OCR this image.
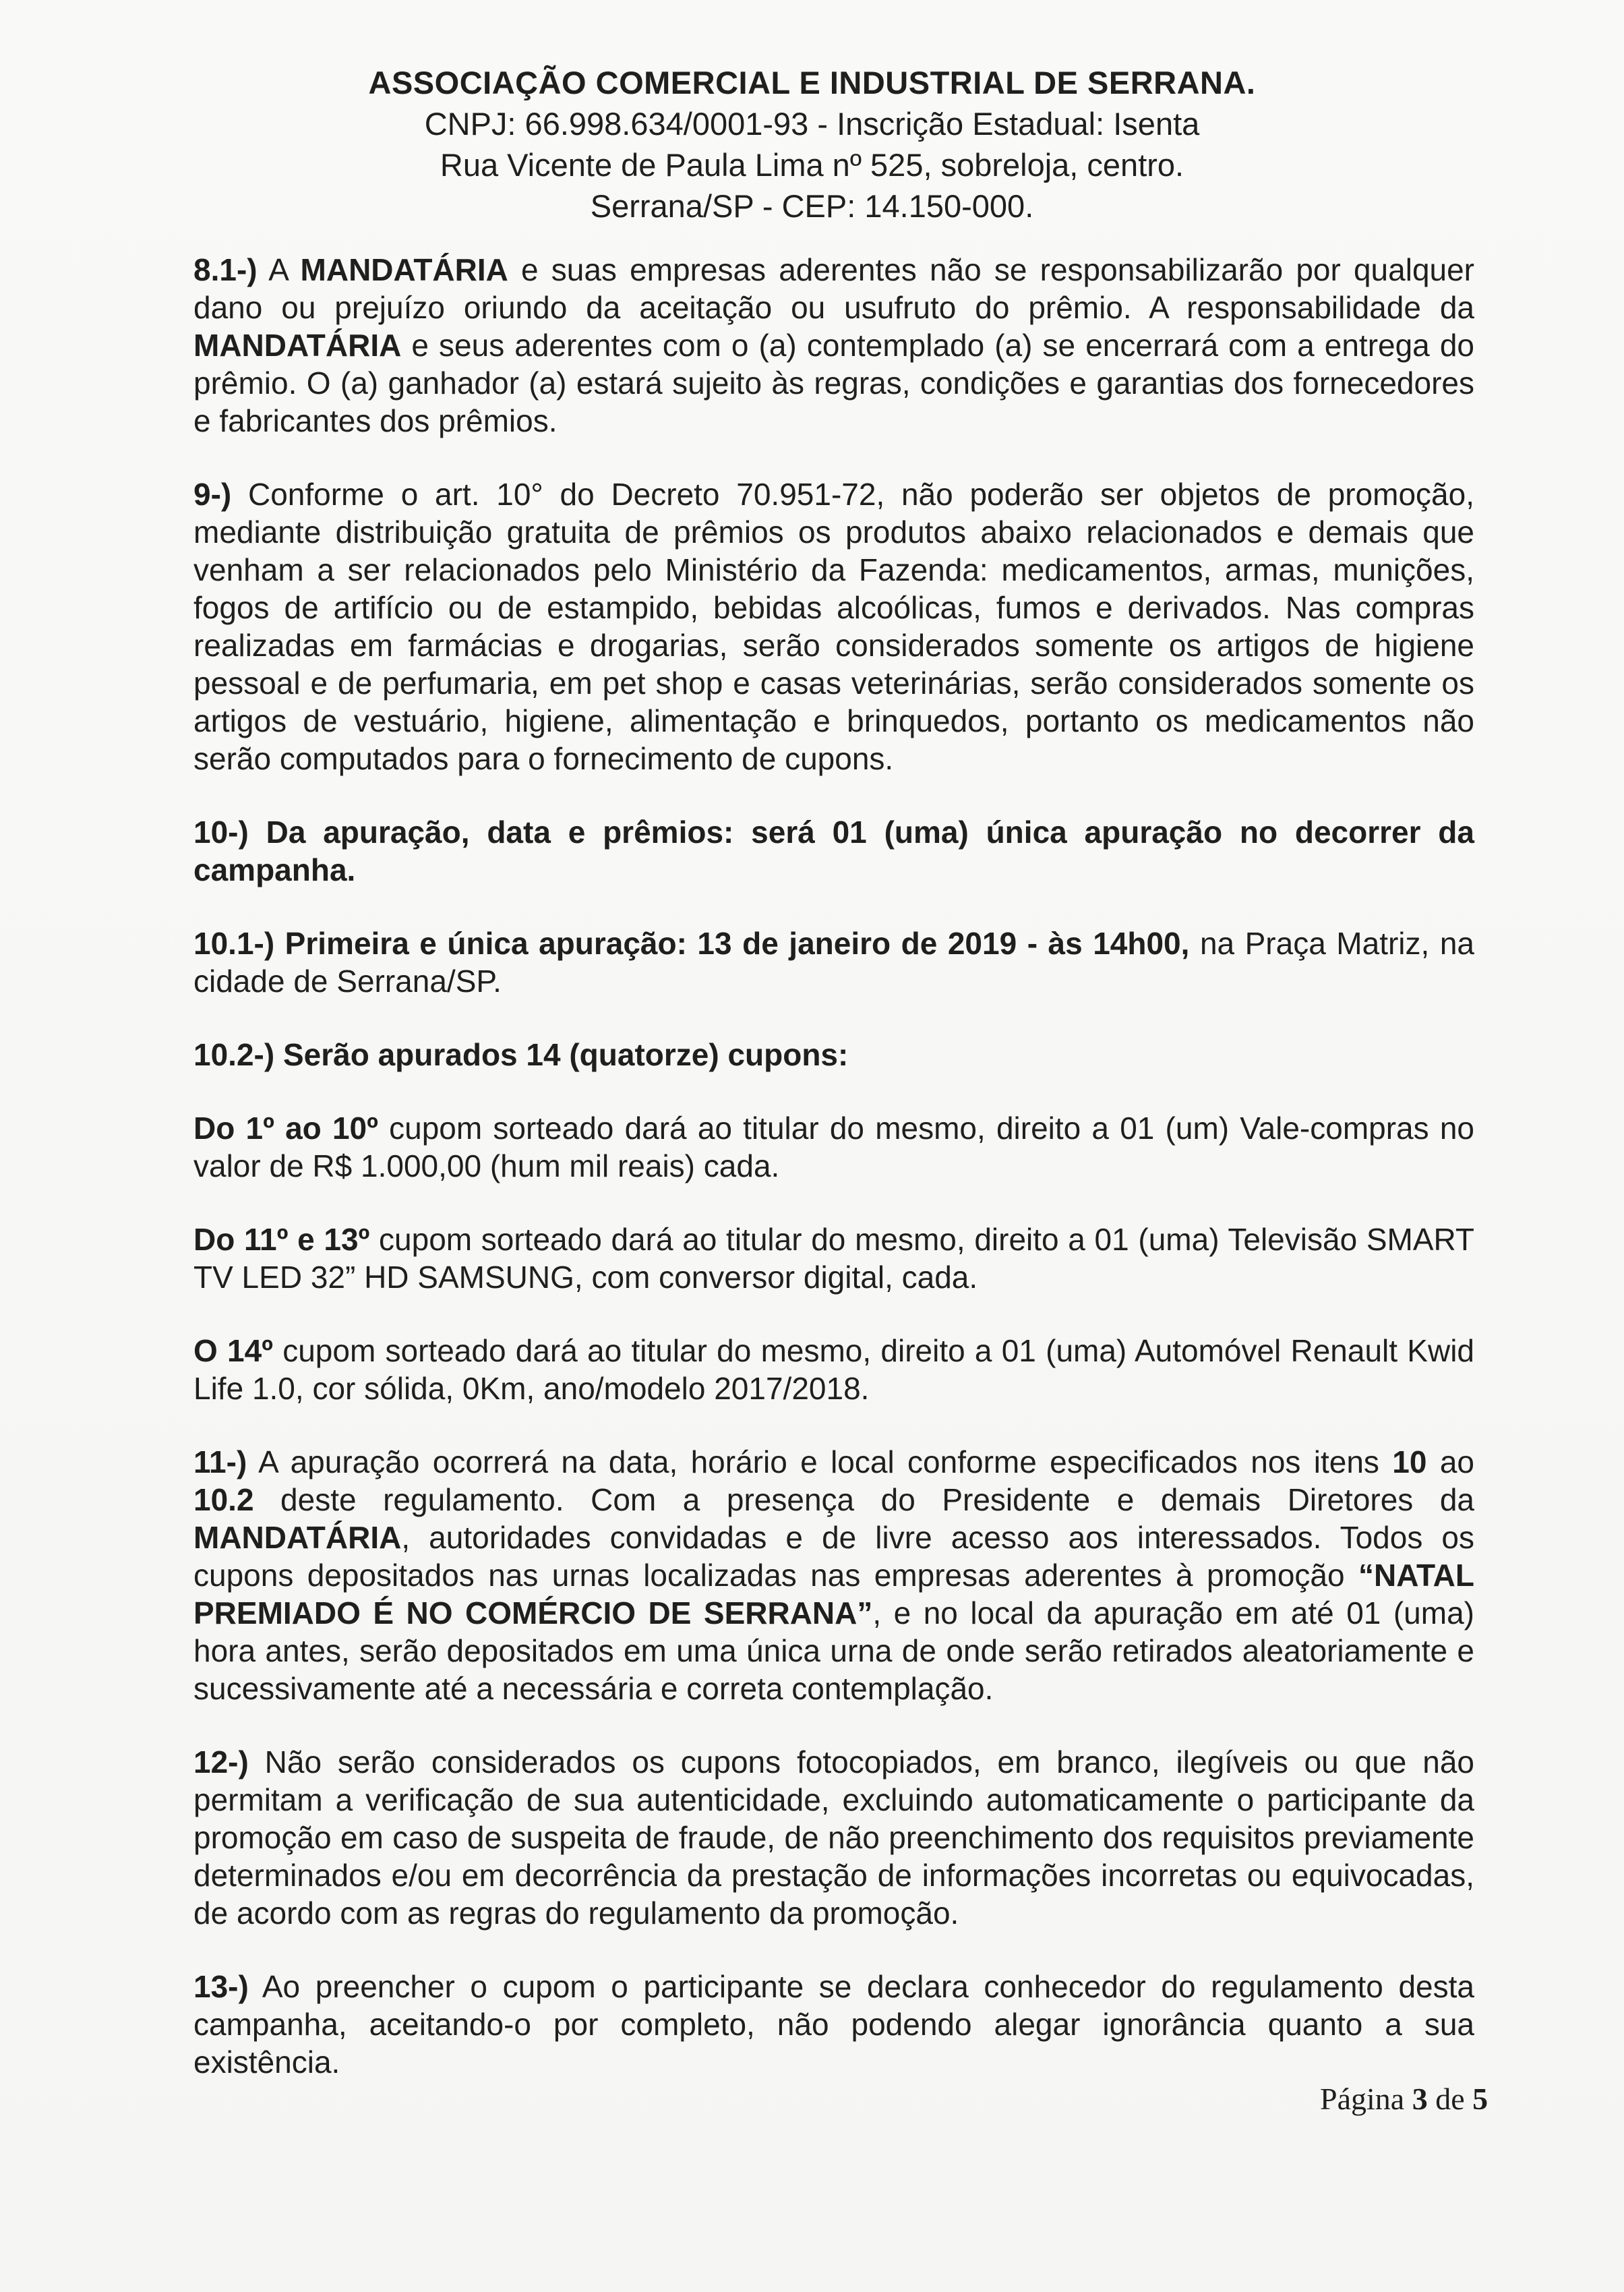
ASSOCIAÇÃO COMERCIAL E INDUSTRIAL DE SERRANA.
CNPJ: 66.998.634/0001-93 - Inscrição Estadual: Isenta
Rua Vicente de Paula Lima nº 525, sobreloja, centro.
Serrana/SP - CEP: 14.150-000.

8.1-) A MANDATÁRIA e suas empresas aderentes não se responsabilizarão por qualquer dano ou prejuízo oriundo da aceitação ou usufruto do prêmio. A responsabilidade da MANDATÁRIA e seus aderentes com o (a) contemplado (a) se encerrará com a entrega do prêmio. O (a) ganhador (a) estará sujeito às regras, condições e garantias dos fornecedores e fabricantes dos prêmios.

9-) Conforme o art. 10° do Decreto 70.951-72, não poderão ser objetos de promoção, mediante distribuição gratuita de prêmios os produtos abaixo relacionados e demais que venham a ser relacionados pelo Ministério da Fazenda: medicamentos, armas, munições, fogos de artifício ou de estampido, bebidas alcoólicas, fumos e derivados. Nas compras realizadas em farmácias e drogarias, serão considerados somente os artigos de higiene pessoal e de perfumaria, em pet shop e casas veterinárias, serão considerados somente os artigos de vestuário, higiene, alimentação e brinquedos, portanto os medicamentos não serão computados para o fornecimento de cupons.

10-) Da apuração, data e prêmios: será 01 (uma) única apuração no decorrer da campanha.

10.1-) Primeira e única apuração: 13 de janeiro de 2019 - às 14h00, na Praça Matriz, na cidade de Serrana/SP.

10.2-) Serão apurados 14 (quatorze) cupons:

Do 1º ao 10º cupom sorteado dará ao titular do mesmo, direito a 01 (um) Vale-compras no valor de R$ 1.000,00 (hum mil reais) cada.

Do 11º e 13º cupom sorteado dará ao titular do mesmo, direito a 01 (uma) Televisão SMART TV LED 32” HD SAMSUNG, com conversor digital, cada.

O 14º cupom sorteado dará ao titular do mesmo, direito a 01 (uma) Automóvel Renault Kwid Life 1.0, cor sólida, 0Km, ano/modelo 2017/2018.

11-) A apuração ocorrerá na data, horário e local conforme especificados nos itens 10 ao 10.2 deste regulamento. Com a presença do Presidente e demais Diretores da MANDATÁRIA, autoridades convidadas e de livre acesso aos interessados. Todos os cupons depositados nas urnas localizadas nas empresas aderentes à promoção “NATAL PREMIADO É NO COMÉRCIO DE SERRANA”, e no local da apuração em até 01 (uma) hora antes, serão depositados em uma única urna de onde serão retirados aleatoriamente e sucessivamente até a necessária e correta contemplação.

12-) Não serão considerados os cupons fotocopiados, em branco, ilegíveis ou que não permitam a verificação de sua autenticidade, excluindo automaticamente o participante da promoção em caso de suspeita de fraude, de não preenchimento dos requisitos previamente determinados e/ou em decorrência da prestação de informações incorretas ou equivocadas, de acordo com as regras do regulamento da promoção.

13-) Ao preencher o cupom o participante se declara conhecedor do regulamento desta campanha, aceitando-o por completo, não podendo alegar ignorância quanto a sua existência.

Página 3 de 5
